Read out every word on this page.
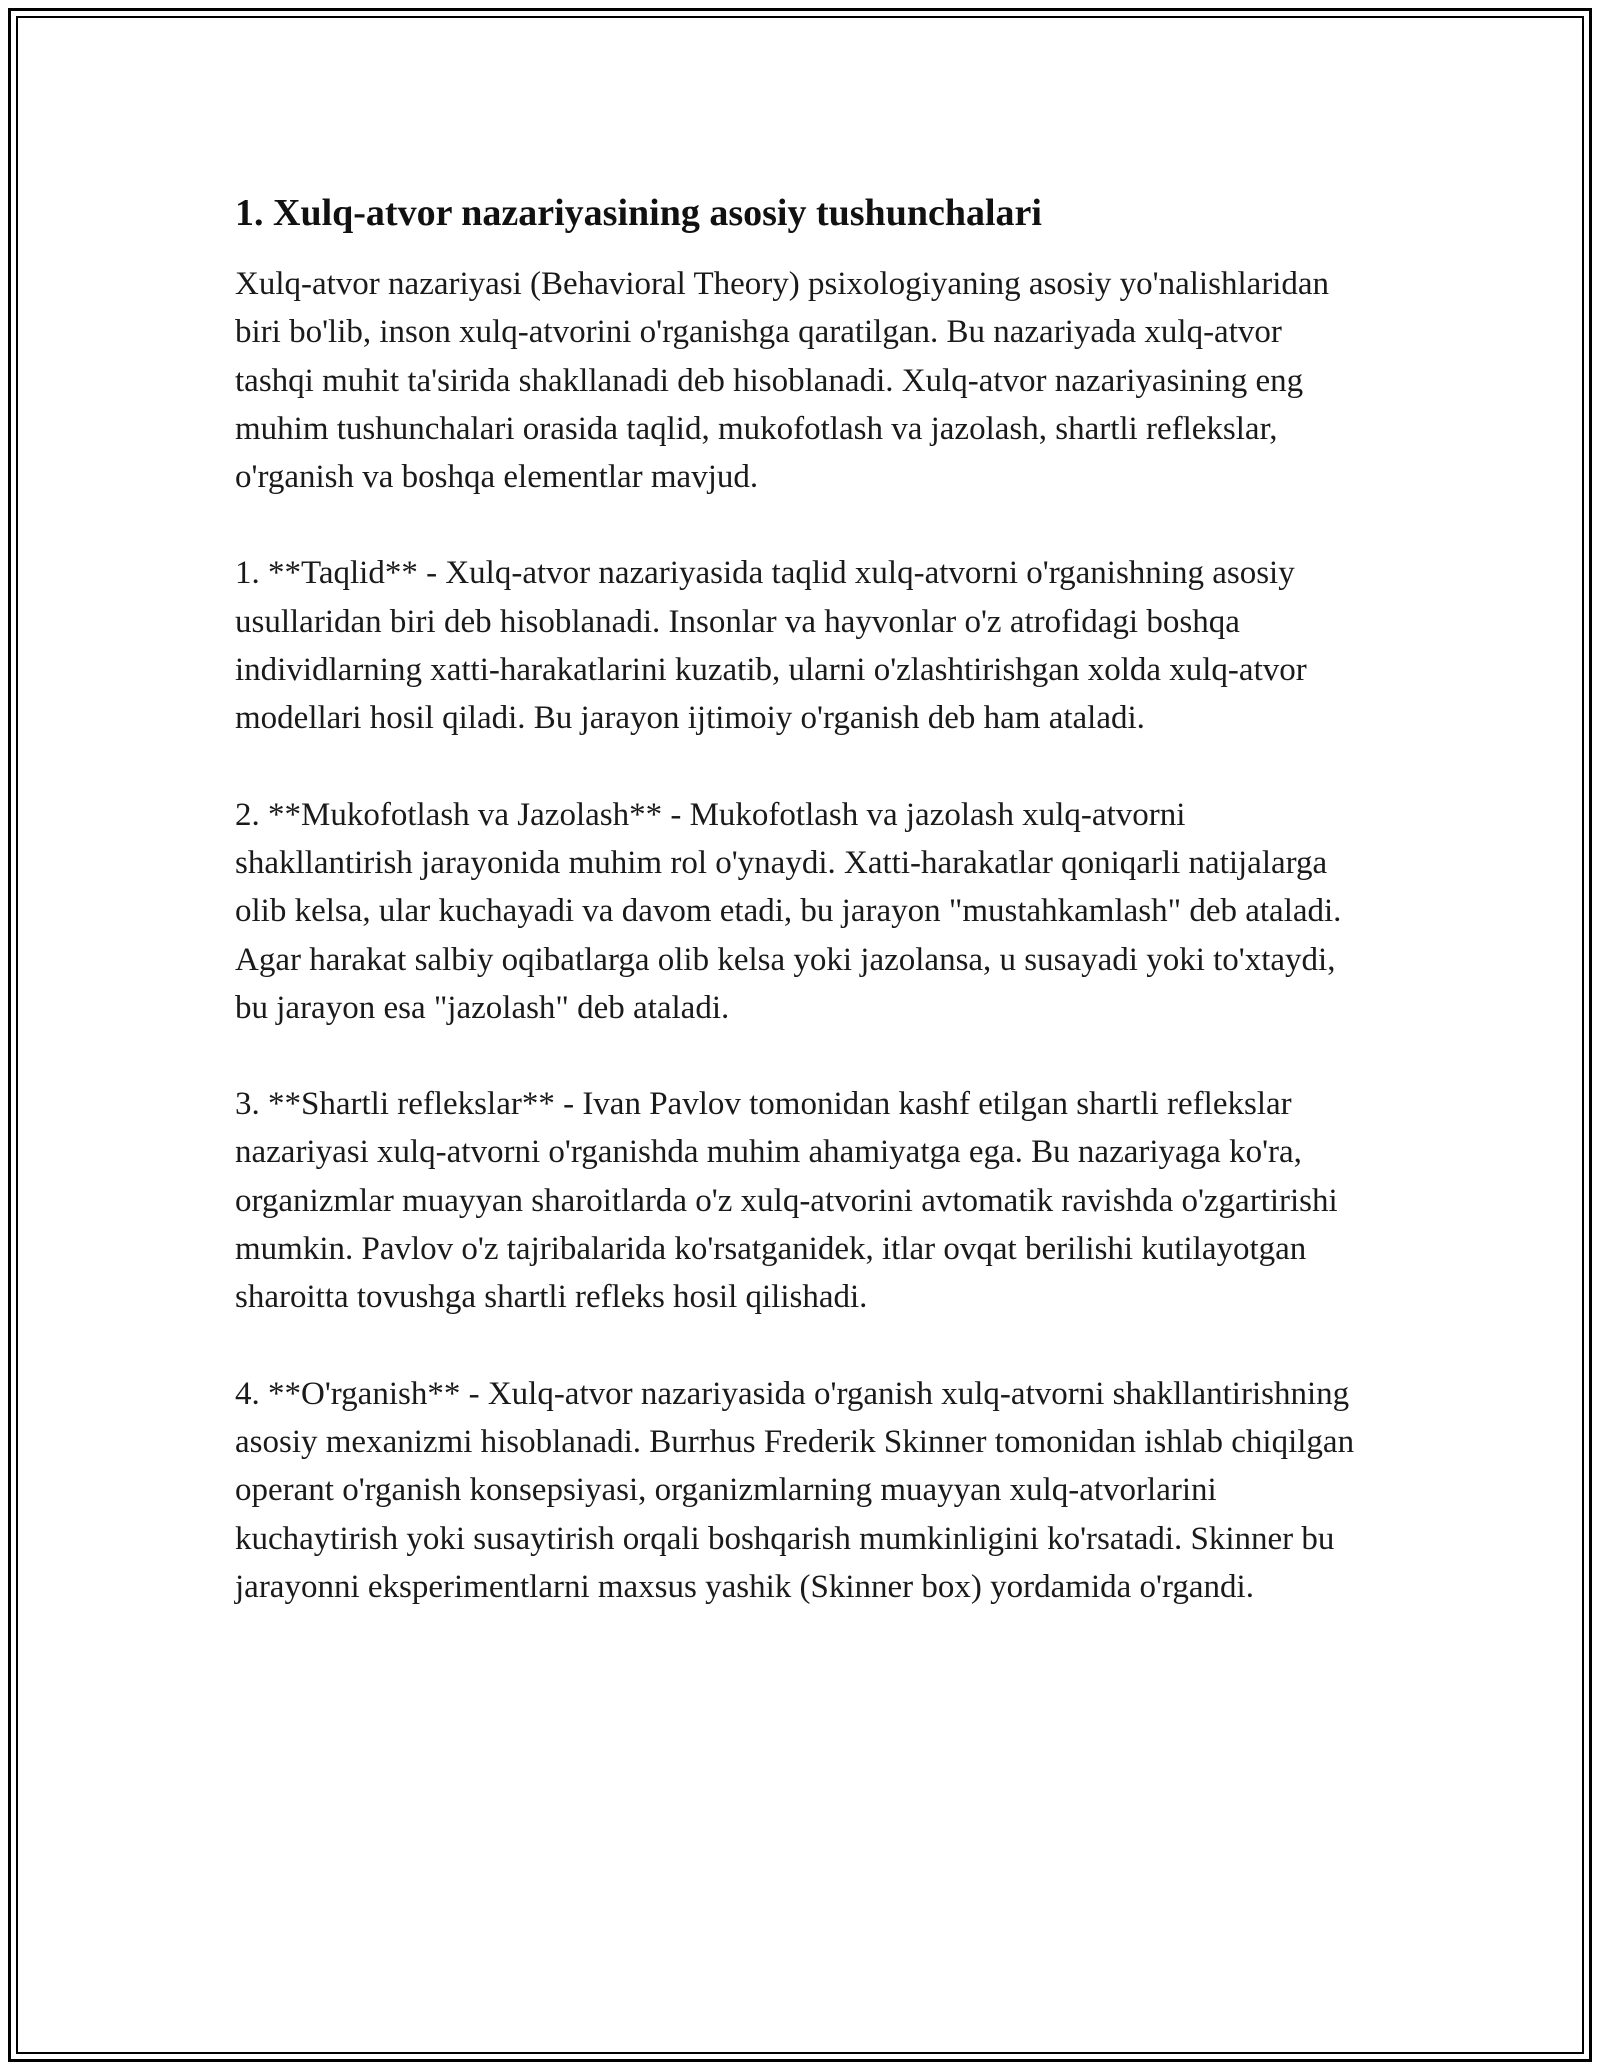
1. Xulq-atvor nazariyasining asosiy tushunchalari

Xulq-atvor nazariyasi (Behavioral Theory) psixologiyaning asosiy yo'nalishlaridan biri bo'lib, inson xulq-atvorini o'rganishga qaratilgan. Bu nazariyada xulq-atvor tashqi muhit ta'sirida shakllanadi deb hisoblanadi. Xulq-atvor nazariyasining eng muhim tushunchalari orasida taqlid, mukofotlash va jazolash, shartli reflekslar, o'rganish va boshqa elementlar mavjud.

1. **Taqlid** - Xulq-atvor nazariyasida taqlid xulq-atvorni o'rganishning asosiy usullaridan biri deb hisoblanadi. Insonlar va hayvonlar o'z atrofidagi boshqa individlarning xatti-harakatlarini kuzatib, ularni o'zlashtirishgan xolda xulq-atvor modellari hosil qiladi. Bu jarayon ijtimoiy o'rganish deb ham ataladi.

2. **Mukofotlash va Jazolash** - Mukofotlash va jazolash xulq-atvorni shakllantirish jarayonida muhim rol o'ynaydi. Xatti-harakatlar qoniqarli natijalarga olib kelsa, ular kuchayadi va davom etadi, bu jarayon "mustahkamlash" deb ataladi. Agar harakat salbiy oqibatlarga olib kelsa yoki jazolansa, u susayadi yoki to'xtaydi, bu jarayon esa "jazolash" deb ataladi.

3. **Shartli reflekslar** - Ivan Pavlov tomonidan kashf etilgan shartli reflekslar nazariyasi xulq-atvorni o'rganishda muhim ahamiyatga ega. Bu nazariyaga ko'ra, organizmlar muayyan sharoitlarda o'z xulq-atvorini avtomatik ravishda o'zgartirishi mumkin. Pavlov o'z tajribalarida ko'rsatganidek, itlar ovqat berilishi kutilayotgan sharoitta tovushga shartli refleks hosil qilishadi.

4. **O'rganish** - Xulq-atvor nazariyasida o'rganish xulq-atvorni shakllantirishning asosiy mexanizmi hisoblanadi. Burrhus Frederik Skinner tomonidan ishlab chiqilgan operant o'rganish konsepsiyasi, organizmlarning muayyan xulq-atvorlarini kuchaytirish yoki susaytirish orqali boshqarish mumkinligini ko'rsatadi. Skinner bu jarayonni eksperimentlarni maxsus yashik (Skinner box) yordamida o'rgandi.
